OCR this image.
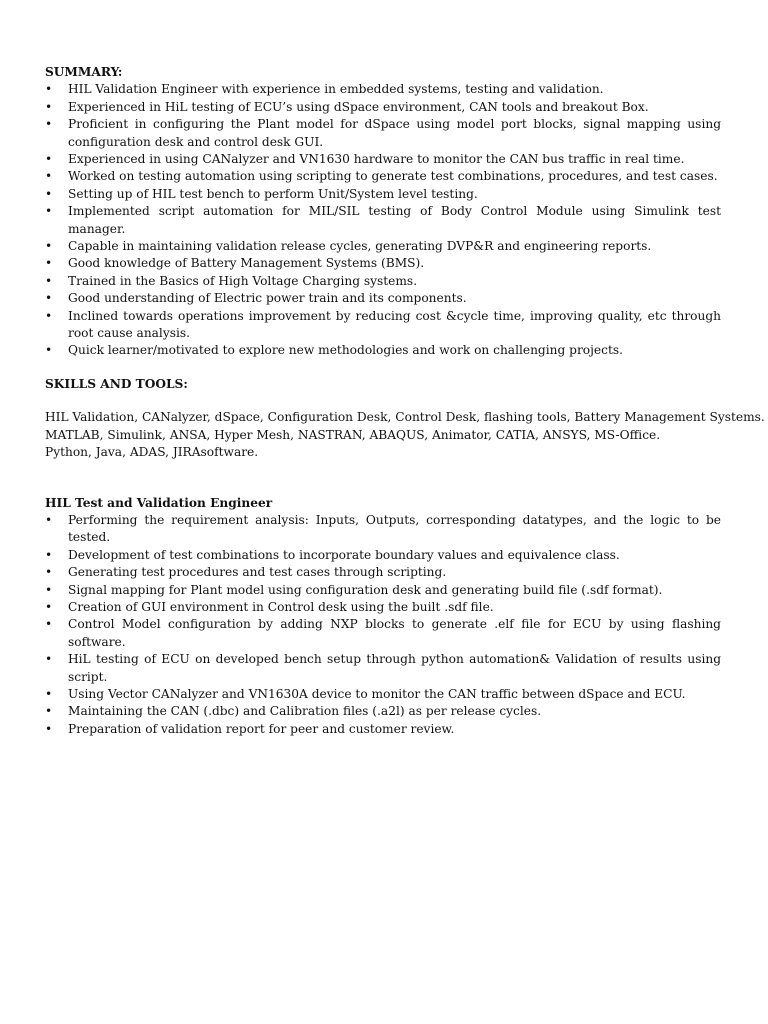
SUMMARY:
•	HIL Validation Engineer with experience in embedded systems, testing and validation.
•	Experienced in HiL testing of ECU’s using dSpace environment, CAN tools and breakout Box.
•	Proficient in configuring the Plant model for dSpace using model port blocks, signal mapping using configuration desk and control desk GUI.
•	Experienced in using CANalyzer and VN1630 hardware to monitor the CAN bus traffic in real time.
•	Worked on testing automation using scripting to generate test combinations, procedures, and test cases.
•	Setting up of HIL test bench to perform Unit/System level testing.
•	Implemented script automation for MIL/SIL testing of Body Control Module using Simulink test manager.
•	Capable in maintaining validation release cycles, generating DVP&R and engineering reports.
•	Good knowledge of Battery Management Systems (BMS).
•	Trained in the Basics of High Voltage Charging systems.
•	Good understanding of Electric power train and its components.
•	Inclined towards operations improvement by reducing cost &cycle time, improving quality, etc through root cause analysis.
•	Quick learner/motivated to explore new methodologies and work on challenging projects.
SKILLS AND TOOLS:
HIL Validation, CANalyzer, dSpace, Configuration Desk, Control Desk, flashing tools, Battery Management Systems.
MATLAB, Simulink, ANSA, Hyper Mesh, NASTRAN, ABAQUS, Animator, CATIA, ANSYS, MS-Office.
Python, Java, ADAS, JIRAsoftware.
HIL Test and Validation Engineer
•	Performing the requirement analysis: Inputs, Outputs, corresponding datatypes, and the logic to be tested.
•	Development of test combinations to incorporate boundary values and equivalence class.
•	Generating test procedures and test cases through scripting.
•	Signal mapping for Plant model using configuration desk and generating build file (.sdf format).
•	Creation of GUI environment in Control desk using the built .sdf file.
•	Control Model configuration by adding NXP blocks to generate .elf file for ECU by using flashing software.
•	HiL testing of ECU on developed bench setup through python automation& Validation of results using script.
•	Using Vector CANalyzer and VN1630A device to monitor the CAN traffic between dSpace and ECU.
•	Maintaining the CAN (.dbc) and Calibration files (.a2l) as per release cycles.
•	Preparation of validation report for peer and customer review.
